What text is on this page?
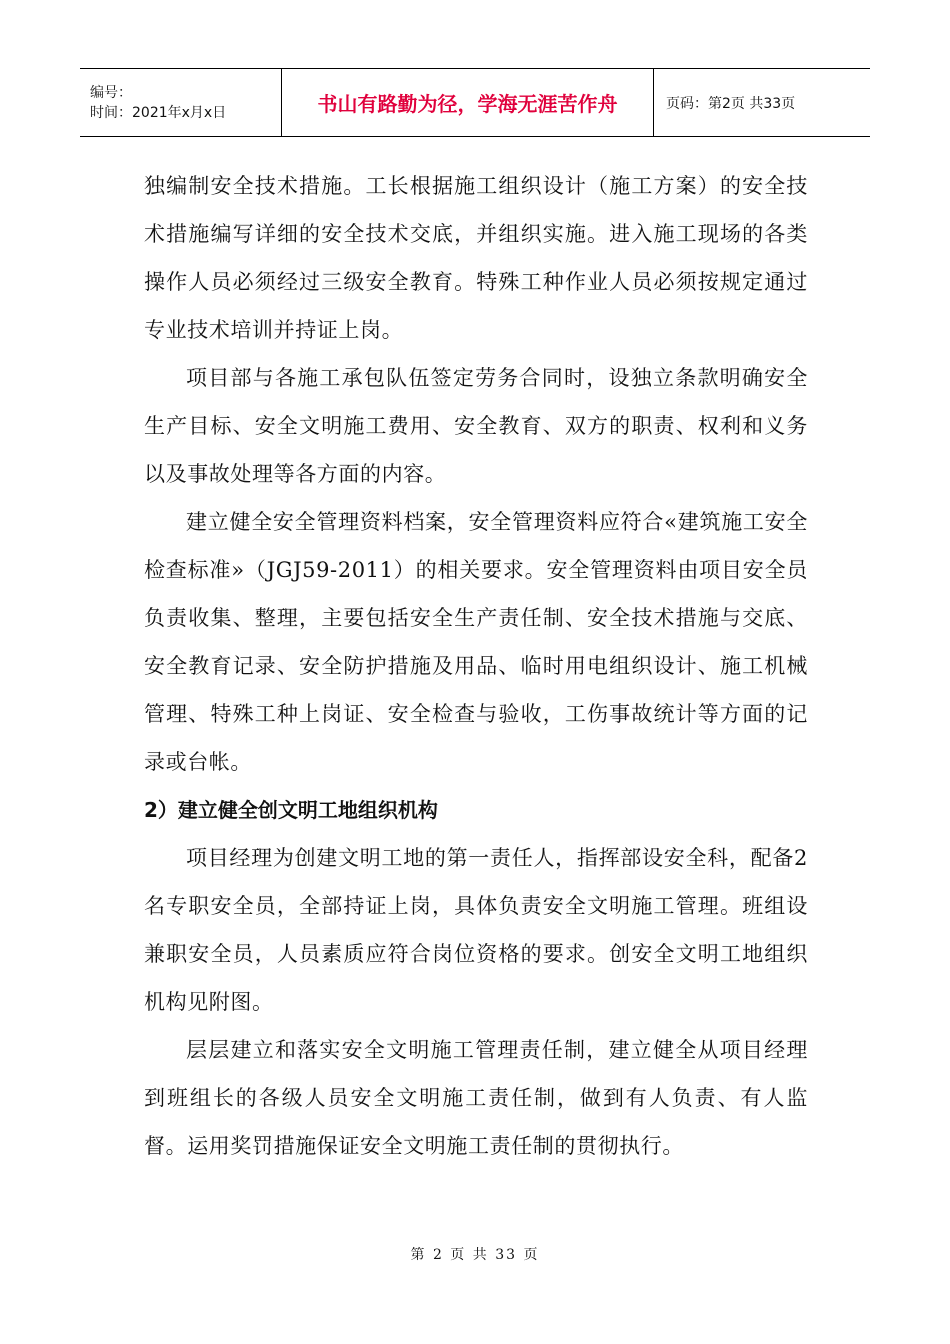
编号：
时间：2021年x月x日	书山有路勤为径，学海无涯苦作舟	页码：第2页 共33页

独编制安全技术措施。工长根据施工组织设计（施工方案）的安全技术措施编写详细的安全技术交底，并组织实施。进入施工现场的各类操作人员必须经过三级安全教育。特殊工种作业人员必须按规定通过专业技术培训并持证上岗。

项目部与各施工承包队伍签定劳务合同时，设独立条款明确安全生产目标、安全文明施工费用、安全教育、双方的职责、权利和义务以及事故处理等各方面的内容。

建立健全安全管理资料档案，安全管理资料应符合«建筑施工安全检查标准»（JGJ59-2011）的相关要求。安全管理资料由项目安全员负责收集、整理，主要包括安全生产责任制、安全技术措施与交底、安全教育记录、安全防护措施及用品、临时用电组织设计、施工机械管理、特殊工种上岗证、安全检查与验收，工伤事故统计等方面的记录或台帐。

2）建立健全创文明工地组织机构

项目经理为创建文明工地的第一责任人，指挥部设安全科，配备2名专职安全员，全部持证上岗，具体负责安全文明施工管理。班组设兼职安全员，人员素质应符合岗位资格的要求。创安全文明工地组织机构见附图。

层层建立和落实安全文明施工管理责任制，建立健全从项目经理到班组长的各级人员安全文明施工责任制，做到有人负责、有人监督。运用奖罚措施保证安全文明施工责任制的贯彻执行。

第 2 页 共 33 页
